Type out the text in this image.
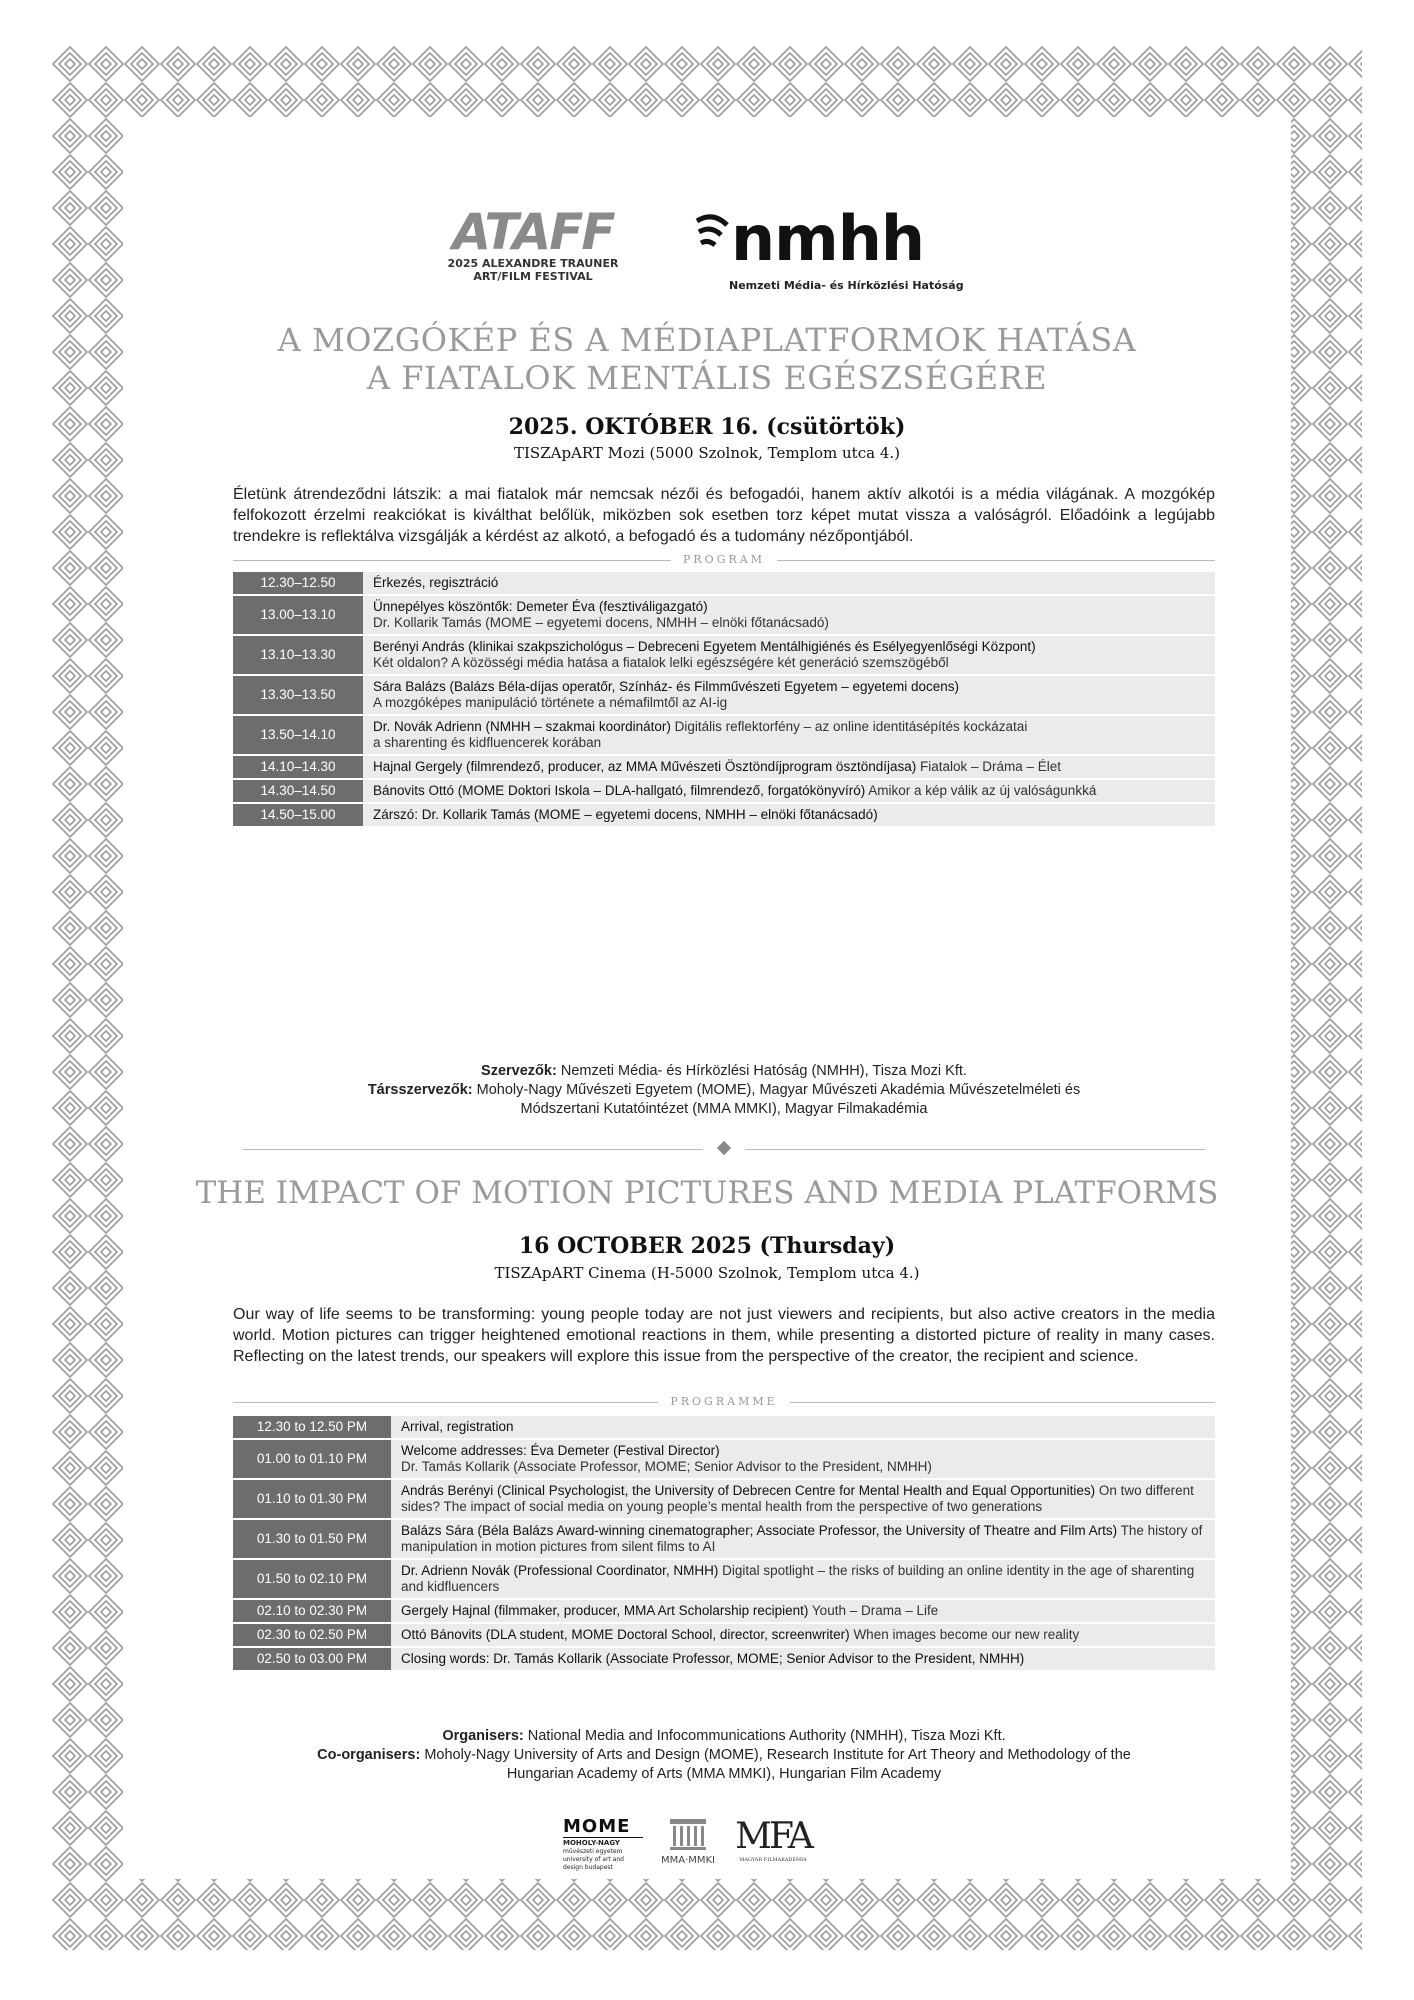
ATAFF
2025 ALEXANDRE TRAUNER
ART/FILM FESTIVAL
nmhh
Nemzeti Média- és Hírközlési Hatóság
A MOZGÓKÉP ÉS A MÉDIAPLATFORMOK HATÁSA
A FIATALOK MENTÁLIS EGÉSZSÉGÉRE
2025. OKTÓBER 16. (csütörtök)
TISZApART Mozi (5000 Szolnok, Templom utca 4.)
Életünk átrendeződni látszik: a mai fiatalok már nemcsak nézői és befogadói, hanem aktív alkotói is a média világának. A mozgókép felfokozott érzelmi reakciókat is kiválthat belőlük, miközben sok esetben torz képet mutat vissza a valóságról. Előadóink a legújabb trendekre is reflektálva vizsgálják a kérdést az alkotó, a befogadó és a tudomány nézőpontjából.
PROGRAM
12.30–12.50	Érkezés, regisztráció
13.00–13.10	Ünnepélyes köszöntők: Demeter Éva (fesztiváligazgató)
Dr. Kollarik Tamás (MOME – egyetemi docens, NMHH – elnöki főtanácsadó)
13.10–13.30	Berényi András (klinikai szakpszichológus – Debreceni Egyetem Mentálhigiénés és Esélyegyenlőségi Központ)
Két oldalon? A közösségi média hatása a fiatalok lelki egészségére két generáció szemszögéből
13.30–13.50	Sára Balázs (Balázs Béla-díjas operatőr, Színház- és Filmművészeti Egyetem – egyetemi docens)
A mozgóképes manipuláció története a némafilmtől az AI-ig
13.50–14.10	Dr. Novák Adrienn (NMHH – szakmai koordinátor) Digitális reflektorfény – az online identitásépítés kockázatai
a sharenting és kidfluencerek korában
14.10–14.30	Hajnal Gergely (filmrendező, producer, az MMA Művészeti Ösztöndíjprogram ösztöndíjasa) Fiatalok – Dráma – Élet
14.30–14.50	Bánovits Ottó (MOME Doktori Iskola – DLA-hallgató, filmrendező, forgatókönyvíró) Amikor a kép válik az új valóságunkká
14.50–15.00	Zárszó: Dr. Kollarik Tamás (MOME – egyetemi docens, NMHH – elnöki főtanácsadó)
Szervezők: Nemzeti Média- és Hírközlési Hatóság (NMHH), Tisza Mozi Kft.
Társszervezők: Moholy-Nagy Művészeti Egyetem (MOME), Magyar Művészeti Akadémia Művészetelméleti és
Módszertani Kutatóintézet (MMA MMKI), Magyar Filmakadémia
THE IMPACT OF MOTION PICTURES AND MEDIA PLATFORMS
16 OCTOBER 2025 (Thursday)
TISZApART Cinema (H-5000 Szolnok, Templom utca 4.)
Our way of life seems to be transforming: young people today are not just viewers and recipients, but also active creators in the media world. Motion pictures can trigger heightened emotional reactions in them, while presenting a distorted picture of reality in many cases. Reflecting on the latest trends, our speakers will explore this issue from the perspective of the creator, the recipient and science.
PROGRAMME
12.30 to 12.50 PM	Arrival, registration
01.00 to 01.10 PM	Welcome addresses: Éva Demeter (Festival Director)
Dr. Tamás Kollarik (Associate Professor, MOME; Senior Advisor to the President, NMHH)
01.10 to 01.30 PM	András Berényi (Clinical Psychologist, the University of Debrecen Centre for Mental Health and Equal Opportunities) On two different sides? The impact of social media on young people’s mental health from the perspective of two generations
01.30 to 01.50 PM	Balázs Sára (Béla Balázs Award-winning cinematographer; Associate Professor, the University of Theatre and Film Arts) The history of manipulation in motion pictures from silent films to AI
01.50 to 02.10 PM	Dr. Adrienn Novák (Professional Coordinator, NMHH) Digital spotlight – the risks of building an online identity in the age of sharenting and kidfluencers
02.10 to 02.30 PM	Gergely Hajnal (filmmaker, producer, MMA Art Scholarship recipient) Youth – Drama – Life
02.30 to 02.50 PM	Ottó Bánovits (DLA student, MOME Doctoral School, director, screenwriter) When images become our new reality
02.50 to 03.00 PM	Closing words: Dr. Tamás Kollarik (Associate Professor, MOME; Senior Advisor to the President, NMHH)
Organisers: National Media and Infocommunications Authority (NMHH), Tisza Mozi Kft.
Co-organisers: Moholy-Nagy University of Arts and Design (MOME), Research Institute for Art Theory and Methodology of the
Hungarian Academy of Arts (MMA MMKI), Hungarian Film Academy
MOME
MOHOLY-NAGY
művészeti egyetem
university of art and
design budapest
MMA·MMKI
MFA
MAGYAR FILMAKADÉMIA
